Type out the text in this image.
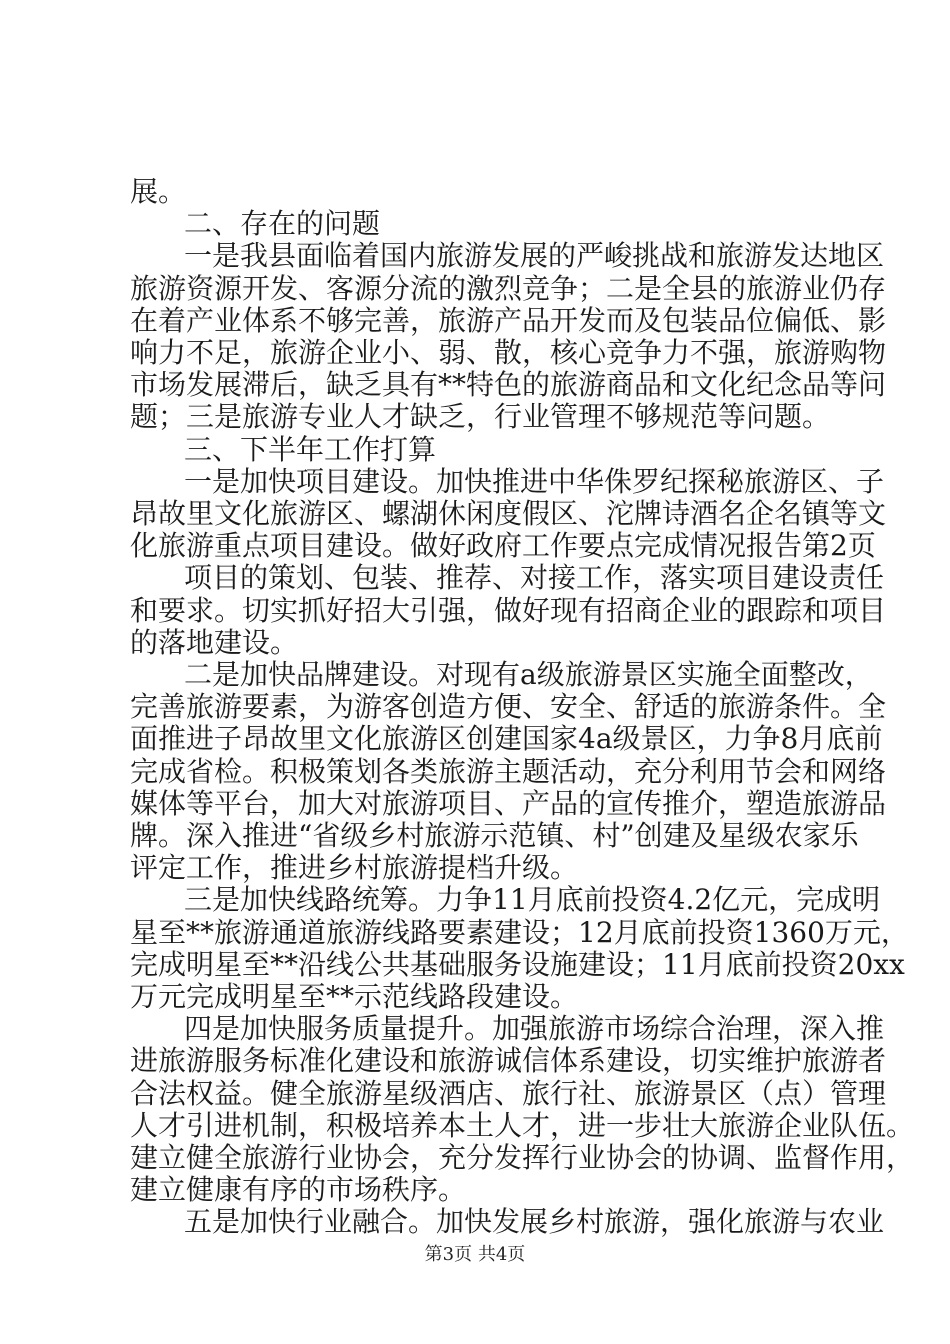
展。
二、存在的问题
一是我县面临着国内旅游发展的严峻挑战和旅游发达地区
旅游资源开发、客源分流的激烈竞争；二是全县的旅游业仍存
在着产业体系不够完善，旅游产品开发而及包装品位偏低、影
响力不足，旅游企业小、弱、散，核心竞争力不强，旅游购物
市场发展滞后，缺乏具有**特色的旅游商品和文化纪念品等问
题；三是旅游专业人才缺乏，行业管理不够规范等问题。
三、下半年工作打算
一是加快项目建设。加快推进中华侏罗纪探秘旅游区、子
昂故里文化旅游区、螺湖休闲度假区、沱牌诗酒名企名镇等文
化旅游重点项目建设。做好政府工作要点完成情况报告第2页
项目的策划、包装、推荐、对接工作，落实项目建设责任
和要求。切实抓好招大引强，做好现有招商企业的跟踪和项目
的落地建设。
二是加快品牌建设。对现有a级旅游景区实施全面整改，
完善旅游要素，为游客创造方便、安全、舒适的旅游条件。全
面推进子昂故里文化旅游区创建国家4a级景区，力争8月底前
完成省检。积极策划各类旅游主题活动，充分利用节会和网络
媒体等平台，加大对旅游项目、产品的宣传推介，塑造旅游品
牌。深入推进“省级乡村旅游示范镇、村”创建及星级农家乐
评定工作，推进乡村旅游提档升级。
三是加快线路统筹。力争11月底前投资4.2亿元，完成明
星至**旅游通道旅游线路要素建设；12月底前投资1360万元，
完成明星至**沿线公共基础服务设施建设；11月底前投资20xx
万元完成明星至**示范线路段建设。
四是加快服务质量提升。加强旅游市场综合治理，深入推
进旅游服务标准化建设和旅游诚信体系建设，切实维护旅游者
合法权益。健全旅游星级酒店、旅行社、旅游景区（点）管理
人才引进机制，积极培养本土人才，进一步壮大旅游企业队伍。
建立健全旅游行业协会，充分发挥行业协会的协调、监督作用，
建立健康有序的市场秩序。
五是加快行业融合。加快发展乡村旅游，强化旅游与农业
第3页 共4页
